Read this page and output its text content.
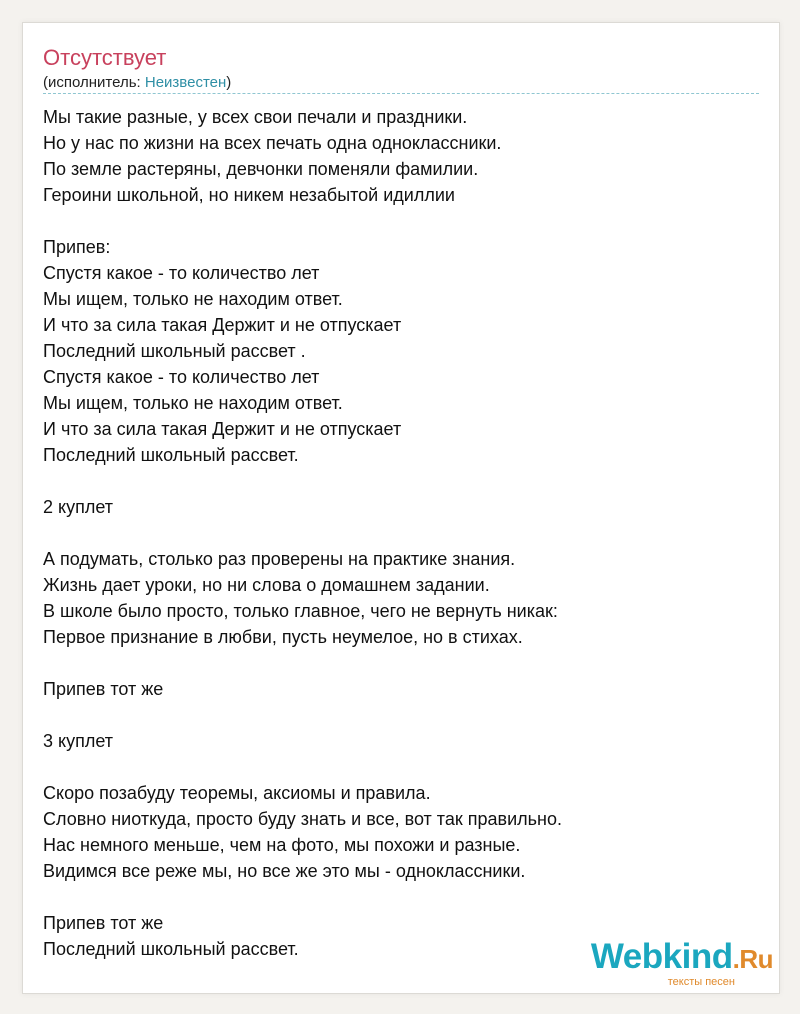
Отсутствует
(исполнитель: Неизвестен)
Мы такие разные, у всех свои печали и праздники.
Но у нас по жизни на всех печать одна одноклассники.
По земле растеряны, девчонки поменяли фамилии.
Героини школьной, но никем незабытой идиллии
Припев:
Спустя какое - то количество лет
Мы ищем, только не находим ответ.
И что за сила такая Держит и не отпускает
Последний школьный рассвет .
Спустя какое - то количество лет
Мы ищем, только не находим ответ.
И что за сила такая Держит и не отпускает
Последний школьный рассвет.
2 куплет
А подумать, столько раз проверены на практике знания.
Жизнь дает уроки, но ни слова о домашнем задании.
В школе было просто, только главное, чего не вернуть никак:
Первое признание в любви, пусть неумелое, но в стихах.
Припев тот же
3 куплет
Скоро позабуду теоремы, аксиомы и правила.
Словно ниоткуда, просто буду знать и все, вот так правильно.
Нас немного меньше, чем на фото, мы похожи и разные.
Видимся все реже мы, но все же это мы - одноклассники.
Припев тот же
Последний школьный рассвет.	Webkind.Ru
тексты песен
